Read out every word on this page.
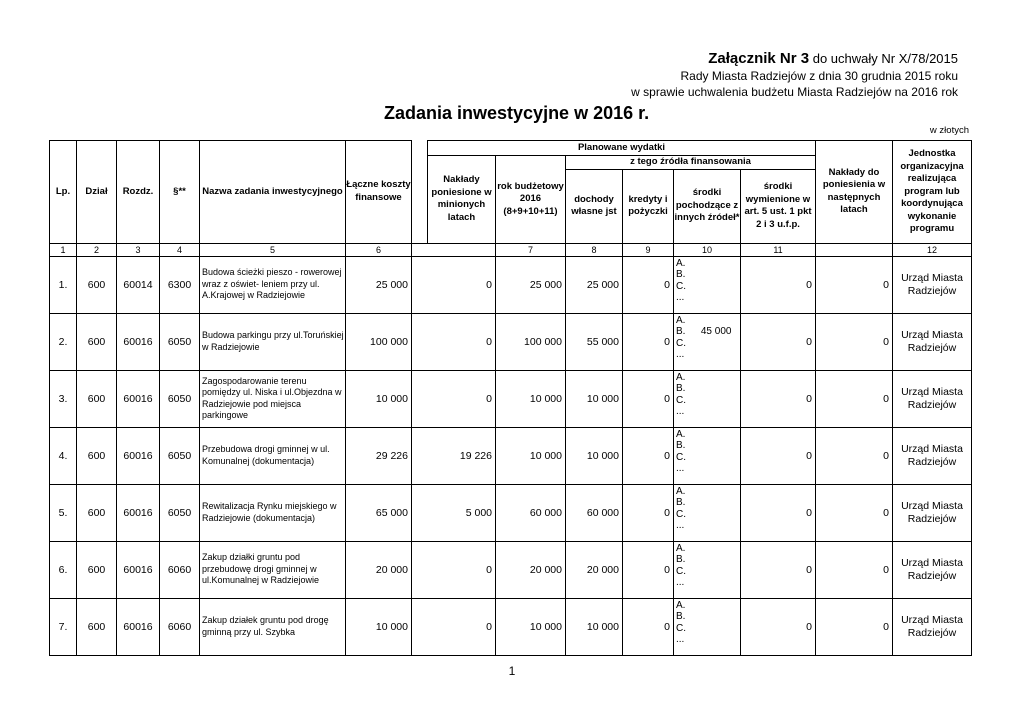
Załącznik Nr 3 do uchwały Nr X/78/2015
Rady Miasta Radziejów z dnia 30 grudnia 2015 roku
w sprawie uchwalenia budżetu Miasta Radziejów na 2016 rok
Zadania inwestycyjne w 2016 r.
w złotych
Lp.	Dział	Rozdz.	§**	Nazwa zadania inwestycyjnego	Łączne koszty finansowe		Planowane wydatki						Nakłady do poniesienia w następnych latach	Jednostka organizacyjna realizująca program lub koordynująca wykonanie programu
							Nakłady poniesione w minionych latach	rok budżetowy 2016 (8+9+10+11)	z tego źródła finansowania					
									dochody własne jst	kredyty i pożyczki	środki pochodzące z innych źródeł*	środki wymienione w art. 5 ust. 1 pkt 2 i 3 u.f.p.		
1	2	3	4	5	6			7	8	9	10	11		12
1.	600	60014	6300	Budowa ścieżki pieszo - rowerowej wraz z oświet- leniem przy ul. A.Krajowej w Radziejowie	25 000	0		25 000	25 000	0	A.
B.
C.
...	0	0	Urząd Miasta Radziejów
2.	600	60016	6050	Budowa parkingu przy ul.Toruńskiej w Radziejowie	100 000	0		100 000	55 000	0	A.
B. 45 000
C.
...	0	0	Urząd Miasta Radziejów
3.	600	60016	6050	Zagospodarowanie terenu pomiędzy ul. Niska i ul.Objezdna w Radziejowie pod miejsca parkingowe	10 000	0		10 000	10 000	0	A.
B.
C.
...	0	0	Urząd Miasta Radziejów
4.	600	60016	6050	Przebudowa drogi gminnej w ul. Komunalnej (dokumentacja)	29 226	19 226		10 000	10 000	0	A.
B.
C.
...	0	0	Urząd Miasta Radziejów
5.	600	60016	6050	Rewitalizacja Rynku miejskiego w Radziejowie (dokumentacja)	65 000	5 000		60 000	60 000	0	A.
B.
C.
...	0	0	Urząd Miasta Radziejów
6.	600	60016	6060	Zakup działki gruntu pod przebudowę drogi gminnej w ul.Komunalnej w Radziejowie	20 000	0		20 000	20 000	0	A.
B.
C.
...	0	0	Urząd Miasta Radziejów
7.	600	60016	6060	Zakup działek gruntu pod drogę gminną przy ul. Szybka	10 000	0		10 000	10 000	0	A.
B.
C.
...	0	0	Urząd Miasta Radziejów
1
